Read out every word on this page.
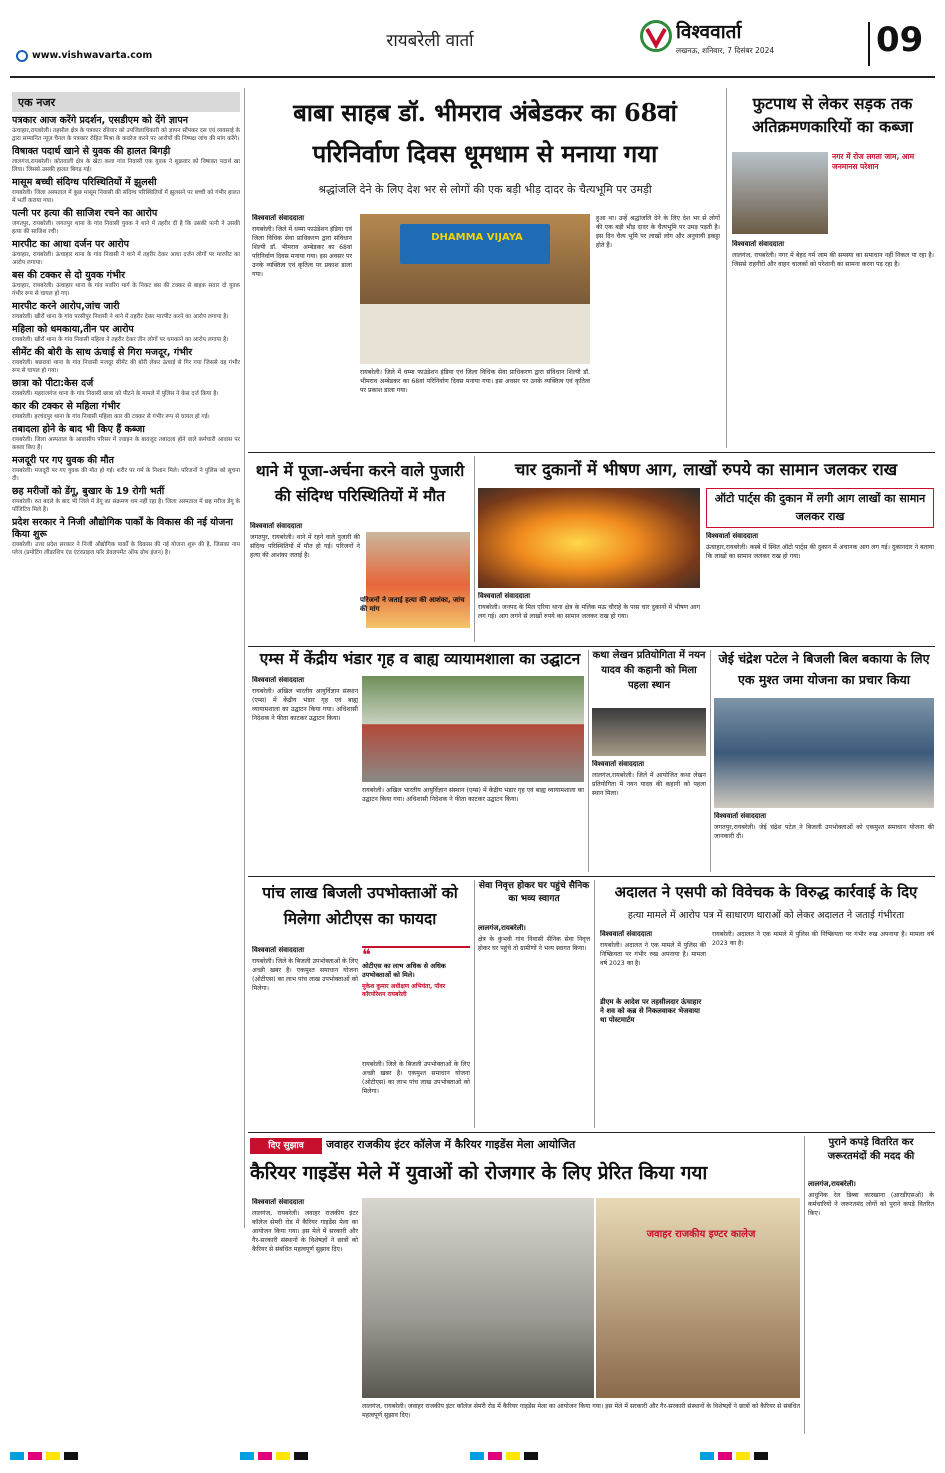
रायबरेली वार्ता	विश्ववार्ता
लखनऊ, शनिवार, 7 दिसंबर 2024	09
www.vishwavarta.com
एक नजर
पत्रकार आज करेंगे प्रदर्शन, एसडीएम को देंगे ज्ञापन
ऊंचाहार,रायबरेली। तहसील क्षेत्र के पत्रकार रविवार को उपजिलाधिकारी को ज्ञापन सौंपकर दस एवं व्यवसाई के द्वारा सम्मानित न्यूज़ चैनल के पत्रकार रोहित मिश्रा के कवरेज करने पर आरोपों की निष्पक्ष जांच की मांग करेंगे।
विषाक्त पदार्थ खाने से युवक की हालत बिगड़ी
लालगंज,रायबरेली। कोतवाली क्षेत्र के खेटा कला गांव निवासी एक युवक ने शुक्रवार को विषाक्त पदार्थ खा लिया। जिससे उसकी हालत बिगड़ गई।
मासूम बच्ची संदिग्ध परिस्थितियों में झुलसी
रायबरेली। जिला अस्पताल में कुछ मासूम निवासी की संदिग्ध परिस्थितियों में झुलसने पर बच्ची को गंभीर हालत में भर्ती कराया गया।
पत्नी पर हत्या की साजिश रचने का आरोप
जगतपुर, रायबरेली। जगतपुर थाना के गांव निवासी युवक ने थाने में तहरीर दी है कि उसकी पत्नी ने उसकी हत्या की साजिश रची।
मारपीट का आधा दर्जन पर आरोप
ऊंचाहार, रायबरेली। ऊंचाहार थाना के गांव निवासी ने थाने में तहरीर देकर आधा दर्जन लोगों पर मारपीट का आरोप लगाया।
बस की टक्कर से दो युवक गंभीर
ऊंचाहार, रायबरेली। ऊंचाहार थाना के गांव मवरिग मार्ग के निकट बस की टक्कर से बाइक सवार दो युवक गंभीर रूप से घायल हो गए।
मारपीट करने आरोप,जांच जारी
रायबरेली। खीरों थाना के गांव परसीपुर निवासी ने थाने में तहरीर देकर मारपीट करने का आरोप लगाया है।
महिला को धमकाया,तीन पर आरोप
रायबरेली। खीरों थाना के गांव निवासी महिला ने तहरीर देकर तीन लोगों पर धमकाने का आरोप लगाया है।
सीमेंट की बोरी के साथ ऊंचाई से गिरा मजदूर, गंभीर
रायबरेली। बछरावां थाना के गांव निवासी मजदूर सीमेंट की बोरी लेकर ऊंचाई से गिर गया जिससे वह गंभीर रूप से घायल हो गया।
छात्रा को पीटा:केस दर्ज
रायबरेली। महराजगंज थाना के गांव निवासी छात्रा को पीटने के मामले में पुलिस ने केस दर्ज किया है।
कार की टक्कर से महिला गंभीर
रायबरेली। हरचंदपुर थाना के गांव निवासी महिला कार की टक्कर से गंभीर रूप से घायल हो गई।
तबादला होने के बाद भी किए हैं कब्जा
रायबरेली। जिला अस्पताल के आवासीय परिसर में ज्वाइन के बावजूद तबादला होने वाले कर्मचारी आवास पर कब्जा किए हैं।
मजदूरी पर गए युवक की मौत
रायबरेली। मजदूरी पर गए युवक की मौत हो गई। शरीर पर गर्म के निशान मिले। परिजनों ने पुलिस को सूचना दी।
छह मरीजों को डेंगू, बुखार के 19 रोगी भर्ती
रायबरेली। रुत बदले के बाद भी जिले में डेंगू का संक्रमण थम नहीं रहा है। जिला अस्पताल में छह मरीज डेंगू के पॉजिटिव मिले हैं।
प्रदेश सरकार ने निजी औद्योगिक पार्कों के विकास की नई योजना किया शुरू
रायबरेली। उत्तर प्रदेश सरकार ने निजी औद्योगिक पार्कों के विकास की नई योजना शुरू की है, जिसका नाम प्लेज (प्रमोटिंग लीडरशिप एंड एंटरप्राइज फॉर डेवलपमेंट ऑफ ग्रोथ इंजन) है।
बाबा साहब डॉ. भीमराव अंबेडकर का 68वां परिनिर्वाण दिवस धूमधाम से मनाया गया
श्रद्धांजलि देने के लिए देश भर से लोगों की एक बड़ी भीड़ दादर के चैत्यभूमि पर उमड़ी
विश्ववार्ता संवाददाता
रायबरेली। जिले में धम्मा फाउंडेशन इंडिया एवं जिला विधिक सेवा प्राधिकरण द्वारा संविधान शिल्पी डॉ. भीमराव अम्बेडकर का 68वां परिनिर्वाण दिवस मनाया गया। इस अवसर पर उनके व्यक्तित्व एवं कृतित्व पर प्रकाश डाला गया।
DHAMMA VIJAYA
रायबरेली। जिले में धम्मा फाउंडेशन इंडिया एवं जिला विधिक सेवा प्राधिकरण द्वारा संविधान शिल्पी डॉ. भीमराव अम्बेडकर का 68वां परिनिर्वाण दिवस मनाया गया। इस अवसर पर उनके व्यक्तित्व एवं कृतित्व पर प्रकाश डाला गया।
हुआ था। उन्हें श्रद्धांजलि देने के लिए देश भर से लोगों की एक बड़ी भीड़ दादर के चैत्यभूमि पर उमड़ पड़ती है। इस दिन चैत्य भूमि पर लाखों लोग और अनुयायी इकट्ठा होते हैं।
फुटपाथ से लेकर सड़क तक अतिक्रमणकारियों का कब्जा
नगर में रोज लगता जाम, आम जनमानस परेशान
विश्ववार्ता संवाददाता
लालगंज, रायबरेली। नगर में बेहद गर्म जाम की समस्या का समाधान नहीं निकल पा रहा है। जिससे राहगीरों और वाहन चालकों को परेशानी का सामना करना पड़ रहा है।
थाने में पूजा-अर्चना करने वाले पुजारी की संदिग्ध परिस्थितियों में मौत
विश्ववार्ता संवाददाता
जगतपुर, रायबरेली। थाने में रहने वाले पुजारी की संदिग्ध परिस्थितियों में मौत हो गई। परिजनों ने हत्या की आशंका जताई है।
परिजनों ने जताई हत्या की आशंका, जांच की मांग
चार दुकानों में भीषण आग, लाखों रुपये का सामान जलकर राख
विश्ववार्ता संवाददाता
रायबरेली। जनपद के मिल एरिया थाना क्षेत्र के मलिक मऊ चौराहे के पास चार दुकानों में भीषण आग लग गई। आग लगने से लाखों रुपये का सामान जलकर राख हो गया।
ऑटो पार्ट्स की दुकान में लगी आग लाखों का सामान जलकर राख
विश्ववार्ता संवाददाता
ऊंचाहार,रायबरेली। कस्बे में स्थित ऑटो पार्ट्स की दुकान में अचानक आग लग गई। दुकानदार ने बताया कि लाखों का सामान जलकर राख हो गया।
एम्स में केंद्रीय भंडार गृह व बाह्य व्यायामशाला का उद्घाटन
विश्ववार्ता संवाददाता
रायबरेली। अखिल भारतीय आयुर्विज्ञान संस्थान (एम्स) में केंद्रीय भंडार गृह एवं बाह्य व्यायामशाला का उद्घाटन किया गया। अधिशासी निदेशक ने फीता काटकर उद्घाटन किया।
रायबरेली। अखिल भारतीय आयुर्विज्ञान संस्थान (एम्स) में केंद्रीय भंडार गृह एवं बाह्य व्यायामशाला का उद्घाटन किया गया। अधिशासी निदेशक ने फीता काटकर उद्घाटन किया।
कथा लेखन प्रतियोगिता में नयन यादव की कहानी को मिला पहला स्थान
विश्ववार्ता संवाददाता
लालगंज,रायबरेली। जिले में आयोजित कथा लेखन प्रतियोगिता में नयन यादव की कहानी को पहला स्थान मिला।
जेई चंद्रेश पटेल ने बिजली बिल बकाया के लिए एक मुश्त जमा योजना का प्रचार किया
विश्ववार्ता संवाददाता
जगतपुर,रायबरेली। जेई चंद्रेश पटेल ने बिजली उपभोक्ताओं को एकमुश्त समाधान योजना की जानकारी दी।
पांच लाख बिजली उपभोक्ताओं को मिलेगा ओटीएस का फायदा
विश्ववार्ता संवाददाता
रायबरेली। जिले के बिजली उपभोक्ताओं के लिए अच्छी खबर है। एकमुश्त समाधान योजना (ओटीएस) का लाभ पांच लाख उपभोक्ताओं को मिलेगा।
❝
ओटीएस का लाभ अधिक से अधिक उपभोक्ताओं को मिले।
मुकेश कुमार अधीक्षण अभियंता, पॉवर कॉरपोरेशन रायबरेली
रायबरेली। जिले के बिजली उपभोक्ताओं के लिए अच्छी खबर है। एकमुश्त समाधान योजना (ओटीएस) का लाभ पांच लाख उपभोक्ताओं को मिलेगा।
सेवा निवृत्त होकर घर पहुंचे सैनिक का भव्य स्वागत
लालगंज,रायबरेली।
क्षेत्र के कुंभवी गांव निवासी सैनिक सेवा निवृत्त होकर घर पहुंचे तो ग्रामीणों ने भव्य स्वागत किया।
अदालत ने एसपी को विवेचक के विरुद्ध कार्रवाई के दिए
हत्या मामले में आरोप पत्र में साधारण धाराओं को लेकर अदालत ने जताई गंभीरता
विश्ववार्ता संवाददाता
रायबरेली। अदालत ने एक मामले में पुलिस की निष्क्रियता पर गंभीर रुख अपनाया है। मामला वर्ष 2023 का है।
डीएम के आदेश पर तहसीलदार ऊंचाहार ने शव को कब्र से निकलवाकर भेजवाया था पोस्टमार्टम
रायबरेली। अदालत ने एक मामले में पुलिस की निष्क्रियता पर गंभीर रुख अपनाया है। मामला वर्ष 2023 का है।
दिए सुझाव	जवाहर राजकीय इंटर कॉलेज में कैरियर गाइडेंस मेला आयोजित
कैरियर गाइडेंस मेले में युवाओं को रोजगार के लिए प्रेरित किया गया
विश्ववार्ता संवाददाता
लालगंज, रायबरेली। जवाहर राजकीय इंटर कॉलेज सेमरी रोड में कैरियर गाइडेंस मेला का आयोजन किया गया। इस मेले में सरकारी और गैर-सरकारी संस्थानों के विशेषज्ञों ने छात्रों को कैरियर से संबंधित महत्वपूर्ण सुझाव दिए।
जवाहर राजकीय इण्टर कालेज
लालगंज, रायबरेली। जवाहर राजकीय इंटर कॉलेज सेमरी रोड में कैरियर गाइडेंस मेला का आयोजन किया गया। इस मेले में सरकारी और गैर-सरकारी संस्थानों के विशेषज्ञों ने छात्रों को कैरियर से संबंधित महत्वपूर्ण सुझाव दिए।
पुराने कपड़े वितरित कर जरूरतमंदों की मदद की
लालगंज,रायबरेली।
आधुनिक रेल डिब्बा कारखाना (आरडीएसओ) के कर्मचारियों ने जरूरतमंद लोगों को पुराने कपड़े वितरित किए।
